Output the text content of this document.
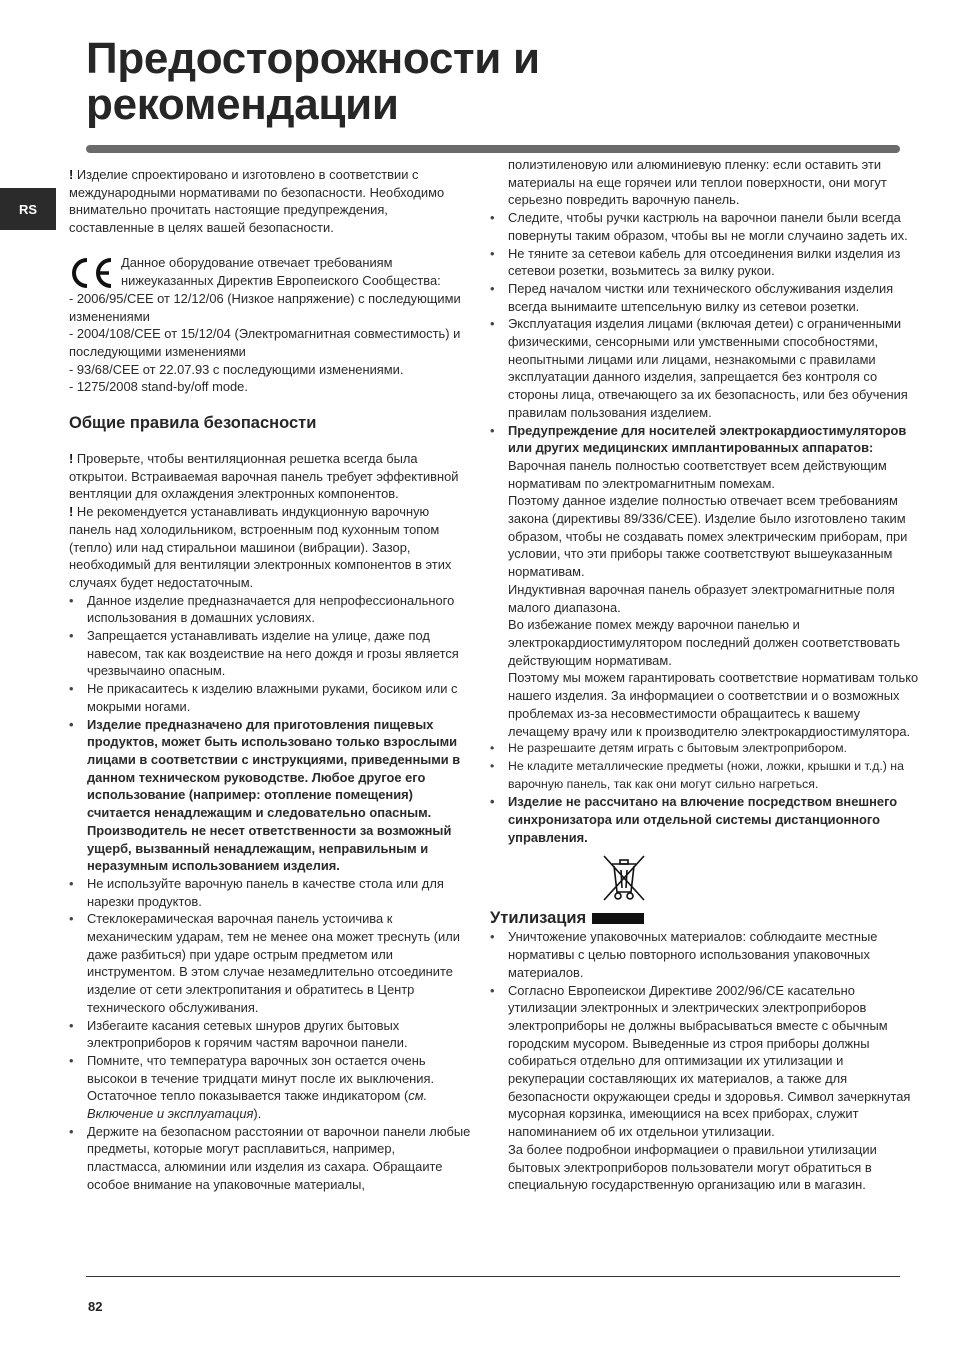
Предосторожности и
рекомендации
RS

! Изделие спроектировано и изготовлено в соответствии с международными нормативами по безопасности. Необходимо внимательно прочитать настоящие предупреждения, составленные в целях вашей безопасности.

Данное оборудование отвечает требованиям нижеуказанных Директив Европеиского Сообщества:

- 2006/95/CEE от 12/12/06 (Низкое напряжение) с последующими изменениями

- 2004/108/CEE от 15/12/04 (Электромагнитная совместимость) и последующими изменениями

- 93/68/CEE от 22.07.93 с последующими изменениями.

- 1275/2008 stand-by/off mode.

Общие правила безопасности

! Проверьте, чтобы вентиляционная решетка всегда была открытои. Встраиваемая варочная панель требует эффективной вентляции для охлаждения электронных компонентов.

! Не рекомендуется устанавливать индукционную варочную панель над холодильником, встроенным под кухонным топом (тепло) или над стиральнои машинои (вибрации). Зазор, необходимый для вентиляции электронных компонентов в этих случаях будет недостаточным.

• Данное изделие предназначается для непрофессионального использования в домашних условиях.
• Запрещается устанавливать изделие на улице, даже под навесом, так как воздеиствие на него дождя и грозы является чрезвычаино опасным.
• Не прикасаитесь к изделию влажными руками, босиком или с мокрыми ногами.
• Изделие предназначено для приготовления пищевых продуктов, может быть использовано только взрослыми лицами в соответствии с инструкциями, приведенными в данном техническом руководстве. Любое другое его использование (например: отопление помещения) считается ненадлежащим и следовательно опасным. Производитель не несет ответственности за возможный ущерб, вызванный ненадлежащим, неправильным и неразумным использованием изделия.
• Не используйте варочную панель в качестве стола или для нарезки продуктов.
• Стеклокерамическая варочная панель устоичива к механическим ударам, тем не менее она может треснуть (или даже разбиться) при ударе острым предметом или инструментом. В этом случае незамедлительно отсоедините изделие от сети электропитания и обратитесь в Центр технического обслуживания.
• Избегаите касания сетевых шнуров других бытовых электроприборов к горячим частям варочнои панели.
• Помните, что температура варочных зон остается очень высокои в течение тридцати минут после их выключения. Остаточное тепло показывается также индикатором (см. Включение и эксплуатация).
• Держите на безопасном расстоянии от варочнои панели любые предметы, которые могут расплавиться, например, пластмасса, алюминии или изделия из сахара. Обращаите особое внимание на упаковочные материалы,

полиэтиленовую или алюминиевую пленку: если оставить эти материалы на еще горячеи или теплои поверхности, они могут серьезно повредить варочную панель.

• Следите, чтобы ручки кастрюль на варочнои панели были всегда повернуты таким образом, чтобы вы не могли случаино задеть их.
• Не тяните за сетевои кабель для отсоединения вилки изделия из сетевои розетки, возьмитесь за вилку рукои.
• Перед началом чистки или технического обслуживания изделия всегда вынимаите штепсельную вилку из сетевои розетки.
• Эксплуатация изделия лицами (включая детеи) с ограниченными физическими, сенсорными или умственными способностями, неопытными лицами или лицами, незнакомыми с правилами эксплуатации данного изделия, запрещается без контроля со стороны лица, отвечающего за их безопасность, или без обучения правилам пользования изделием.
• Предупреждение для носителей электрокардиостимуляторов или других медицинских имплантированных аппаратов:
Варочная панель полностью соответствует всем действующим нормативам по электромагнитным помехам.
Поэтому данное изделие полностью отвечает всем требованиям закона (директивы 89/336/CEE). Изделие было изготовлено таким образом, чтобы не создавать помех электрическим приборам, при условии, что эти приборы также соответствуют вышеуказанным нормативам.
Индуктивная варочная панель образует электромагнитные поля малого диапазона.
Во избежание помех между варочнои панелью и электрокардиостимулятором последний должен соответствовать действующим нормативам.
Поэтому мы можем гарантировать соответствие нормативам только нашего изделия. За информациеи о соответствии и о возможных проблемах из-за несовместимости обращаитесь к вашему лечащему врачу или к производителю электрокардиостимулятора.
• Не разрешаите детям играть с бытовым электроприбором.
• Не кладите металлические предметы (ножи, ложки, крышки и т.д.) на варочную панель, так как они могут сильно нагреться.
• Изделие не рассчитано на влючение посредством внешнего синхронизатора или отдельной системы дистанционного управления.
Утилизация
• Уничтожение упаковочных материалов: соблюдаите местные нормативы с целью повторного использования упаковочных материалов.
• Согласно Европеискои Директиве 2002/96/CE касательно утилизации электронных и электрических электроприборов электроприборы не должны выбрасываться вместе с обычным городским мусором. Выведенные из строя приборы должны собираться отдельно для оптимизации их утилизации и рекуперации составляющих их материалов, а также для безопасности окружающеи среды и здоровья. Символ зачеркнутая мусорная корзинка, имеющиися на всех приборах, служит напоминанием об их отдельнои утилизации.
За более подробнои информациеи о правильнои утилизации бытовых электроприборов пользователи могут обратиться в специальную государственную организацию или в магазин.
82
